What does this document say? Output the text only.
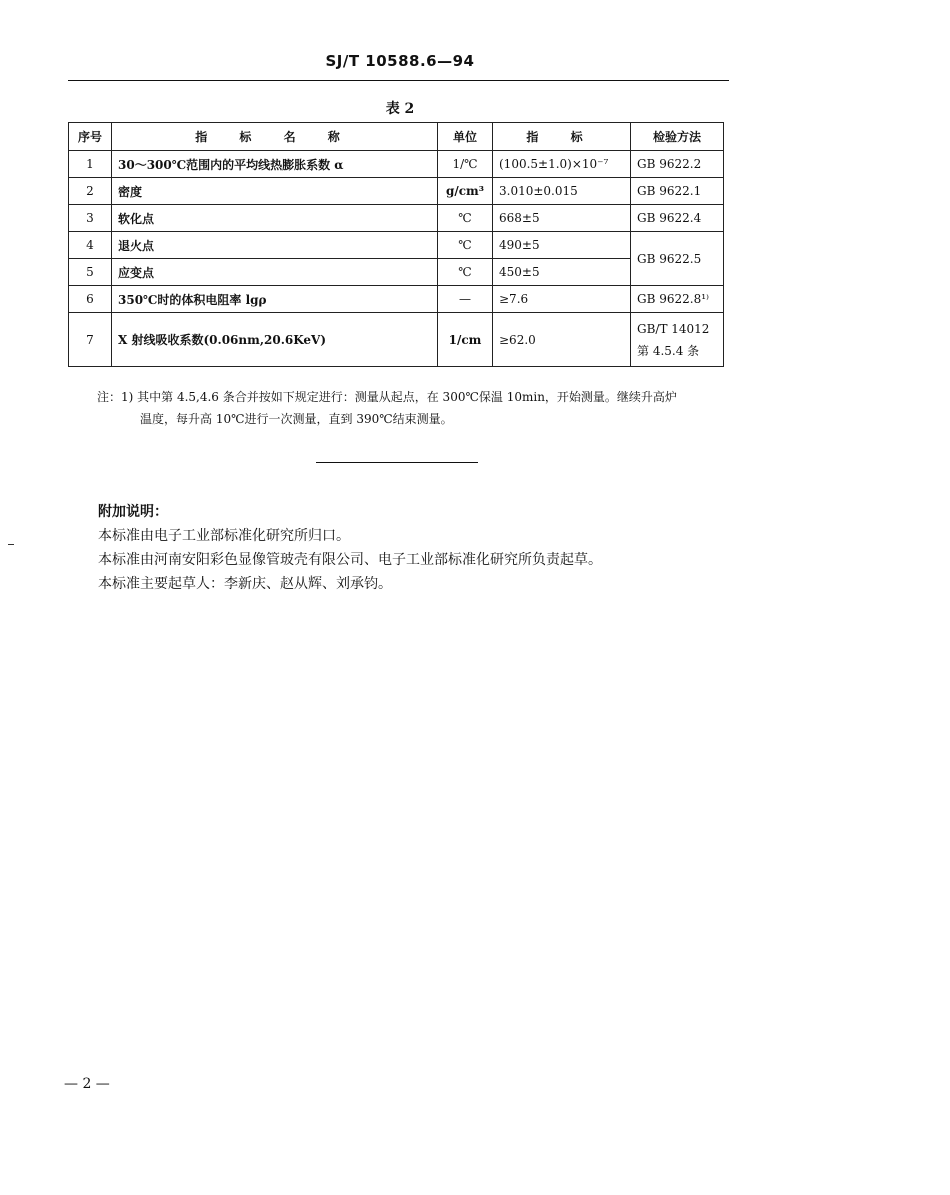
SJ/T 10588.6—94
表 2
序号	指 标 名 称	单位	指 标	检验方法
1	30～300℃范围内的平均线热膨胀系数 α	1/℃	(100.5±1.0)×10⁻⁷	GB 9622.2
2	密度	g/cm³	3.010±0.015	GB 9622.1
3	软化点	℃	668±5	GB 9622.4
4	退火点	℃	490±5	GB 9622.5
5	应变点	℃	450±5	
6	350℃时的体积电阻率 lgρ	—	≥7.6	GB 9622.8¹⁾
7	X 射线吸收系数(0.06nm,20.6KeV)	1/cm	≥62.0	GB/T 14012
第 4.5.4 条
注：1) 其中第 4.5,4.6 条合并按如下规定进行：测量从起点，在 300℃保温 10min，开始测量。继续升高炉
温度，每升高 10℃进行一次测量，直到 390℃结束测量。
附加说明：
本标准由电子工业部标准化研究所归口。
本标准由河南安阳彩色显像管玻壳有限公司、电子工业部标准化研究所负责起草。
本标准主要起草人：李新庆、赵从辉、刘承钧。
— 2 —
